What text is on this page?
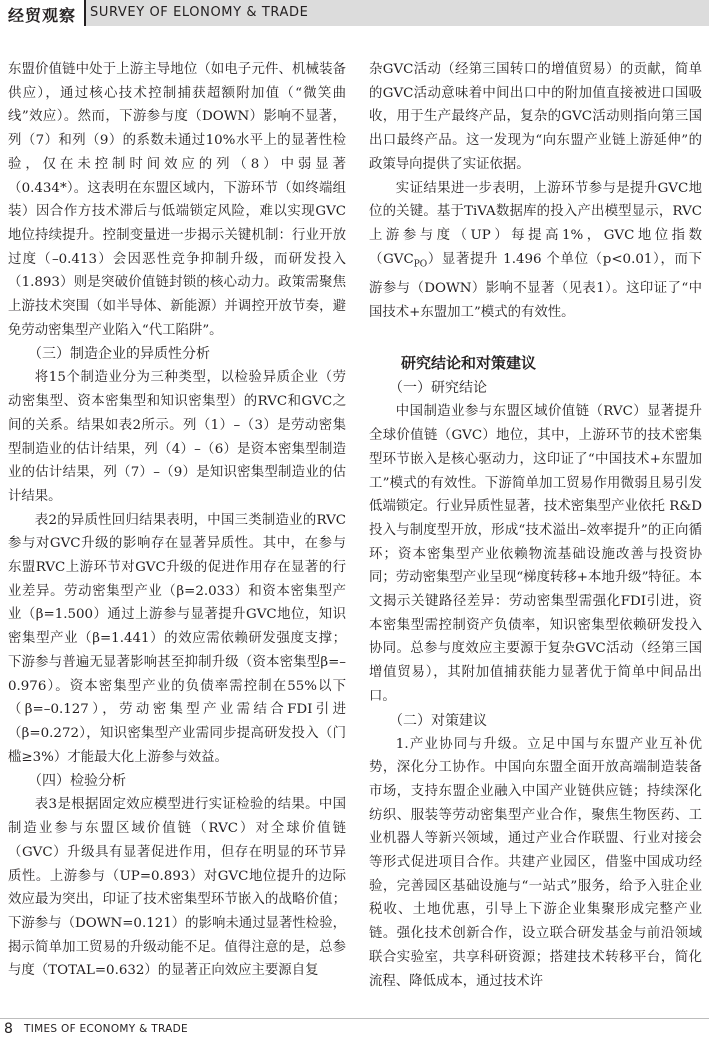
经贸观察 SURVEY OF ELONOMY & TRADE

东盟价值链中处于上游主导地位（如电子元件、机械装备供应），通过核心技术控制捕获超额附加值（“微笑曲线”效应）。然而，下游参与度（DOWN）影响不显著，列（7）和列（9）的系数未通过10%水平上的显著性检验，仅在未控制时间效应的列（8）中弱显著（0.434*）。这表明在东盟区域内，下游环节（如终端组装）因合作方技术滞后与低端锁定风险，难以实现GVC地位持续提升。控制变量进一步揭示关键机制：行业开放过度（–0.413）会因恶性竞争抑制升级，而研发投入（1.893）则是突破价值链封锁的核心动力。政策需聚焦上游技术突围（如半导体、新能源）并调控开放节奏，避免劳动密集型产业陷入“代工陷阱”。

（三）制造企业的异质性分析

将15个制造业分为三种类型，以检验异质企业（劳动密集型、资本密集型和知识密集型）的RVC和GVC之间的关系。结果如表2所示。列（1）–（3）是劳动密集型制造业的估计结果，列（4）–（6）是资本密集型制造业的估计结果，列（7）–（9）是知识密集型制造业的估计结果。

表2的异质性回归结果表明，中国三类制造业的RVC参与对GVC升级的影响存在显著异质性。其中，在参与东盟RVC上游环节对GVC升级的促进作用存在显著的行业差异。劳动密集型产业（β=2.033）和资本密集型产业（β=1.500）通过上游参与显著提升GVC地位，知识密集型产业（β=1.441）的效应需依赖研发强度支撑；下游参与普遍无显著影响甚至抑制升级（资本密集型β=–0.976）。资本密集型产业的负债率需控制在55%以下（β=–0.127），劳动密集型产业需结合FDI引进（β=0.272），知识密集型产业需同步提高研发投入（门槛≥3%）才能最大化上游参与效益。

（四）检验分析

表3是根据固定效应模型进行实证检验的结果。中国制造业参与东盟区域价值链（RVC）对全球价值链（GVC）升级具有显著促进作用，但存在明显的环节异质性。上游参与（UP=0.893）对GVC地位提升的边际效应最为突出，印证了技术密集型环节嵌入的战略价值；下游参与（DOWN=0.121）的影响未通过显著性检验，揭示简单加工贸易的升级动能不足。值得注意的是，总参与度（TOTAL=0.632）的显著正向效应主要源自复

杂GVC活动（经第三国转口的增值贸易）的贡献，简单的GVC活动意味着中间出口中的附加值直接被进口国吸收，用于生产最终产品，复杂的GVC活动则指向第三国出口最终产品。这一发现为“向东盟产业链上游延伸”的政策导向提供了实证依据。

实证结果进一步表明，上游环节参与是提升GVC地位的关键。基于TiVA数据库的投入产出模型显示，RVC上游参与度（UP）每提高1%，GVC地位指数$(GVC_{PO})$显著提升 1.496 个单位（p<0.01），而下游参与（DOWN）影响不显著（见表1）。这印证了“中国技术+东盟加工”模式的有效性。

研究结论和对策建议
（一）研究结论

中国制造业参与东盟区域价值链（RVC）显著提升全球价值链（GVC）地位，其中，上游环节的技术密集型环节嵌入是核心驱动力，这印证了“中国技术+东盟加工”模式的有效性。下游简单加工贸易作用微弱且易引发低端锁定。行业异质性显著，技术密集型产业依托 R&D 投入与制度型开放，形成“技术溢出–效率提升”的正向循环；资本密集型产业依赖物流基础设施改善与投资协同；劳动密集型产业呈现“梯度转移+本地升级”特征。本文揭示关键路径差异：劳动密集型需强化FDI引进，资本密集型需控制资产负债率，知识密集型依赖研发投入协同。总参与度效应主要源于复杂GVC活动（经第三国增值贸易），其附加值捕获能力显著优于简单中间品出口。

（二）对策建议

1.产业协同与升级。立足中国与东盟产业互补优势，深化分工协作。中国向东盟全面开放高端制造装备市场，支持东盟企业融入中国产业链供应链；持续深化纺织、服装等劳动密集型产业合作，聚焦生物医药、工业机器人等新兴领域，通过产业合作联盟、行业对接会等形式促进项目合作。共建产业园区，借鉴中国成功经验，完善园区基础设施与“一站式”服务，给予入驻企业税收、土地优惠，引导上下游企业集聚形成完整产业链。强化技术创新合作，设立联合研发基金与前沿领域联合实验室，共享科研资源；搭建技术转移平台，简化流程、降低成本，通过技术许

8 TIMES OF ECONOMY & TRADE
